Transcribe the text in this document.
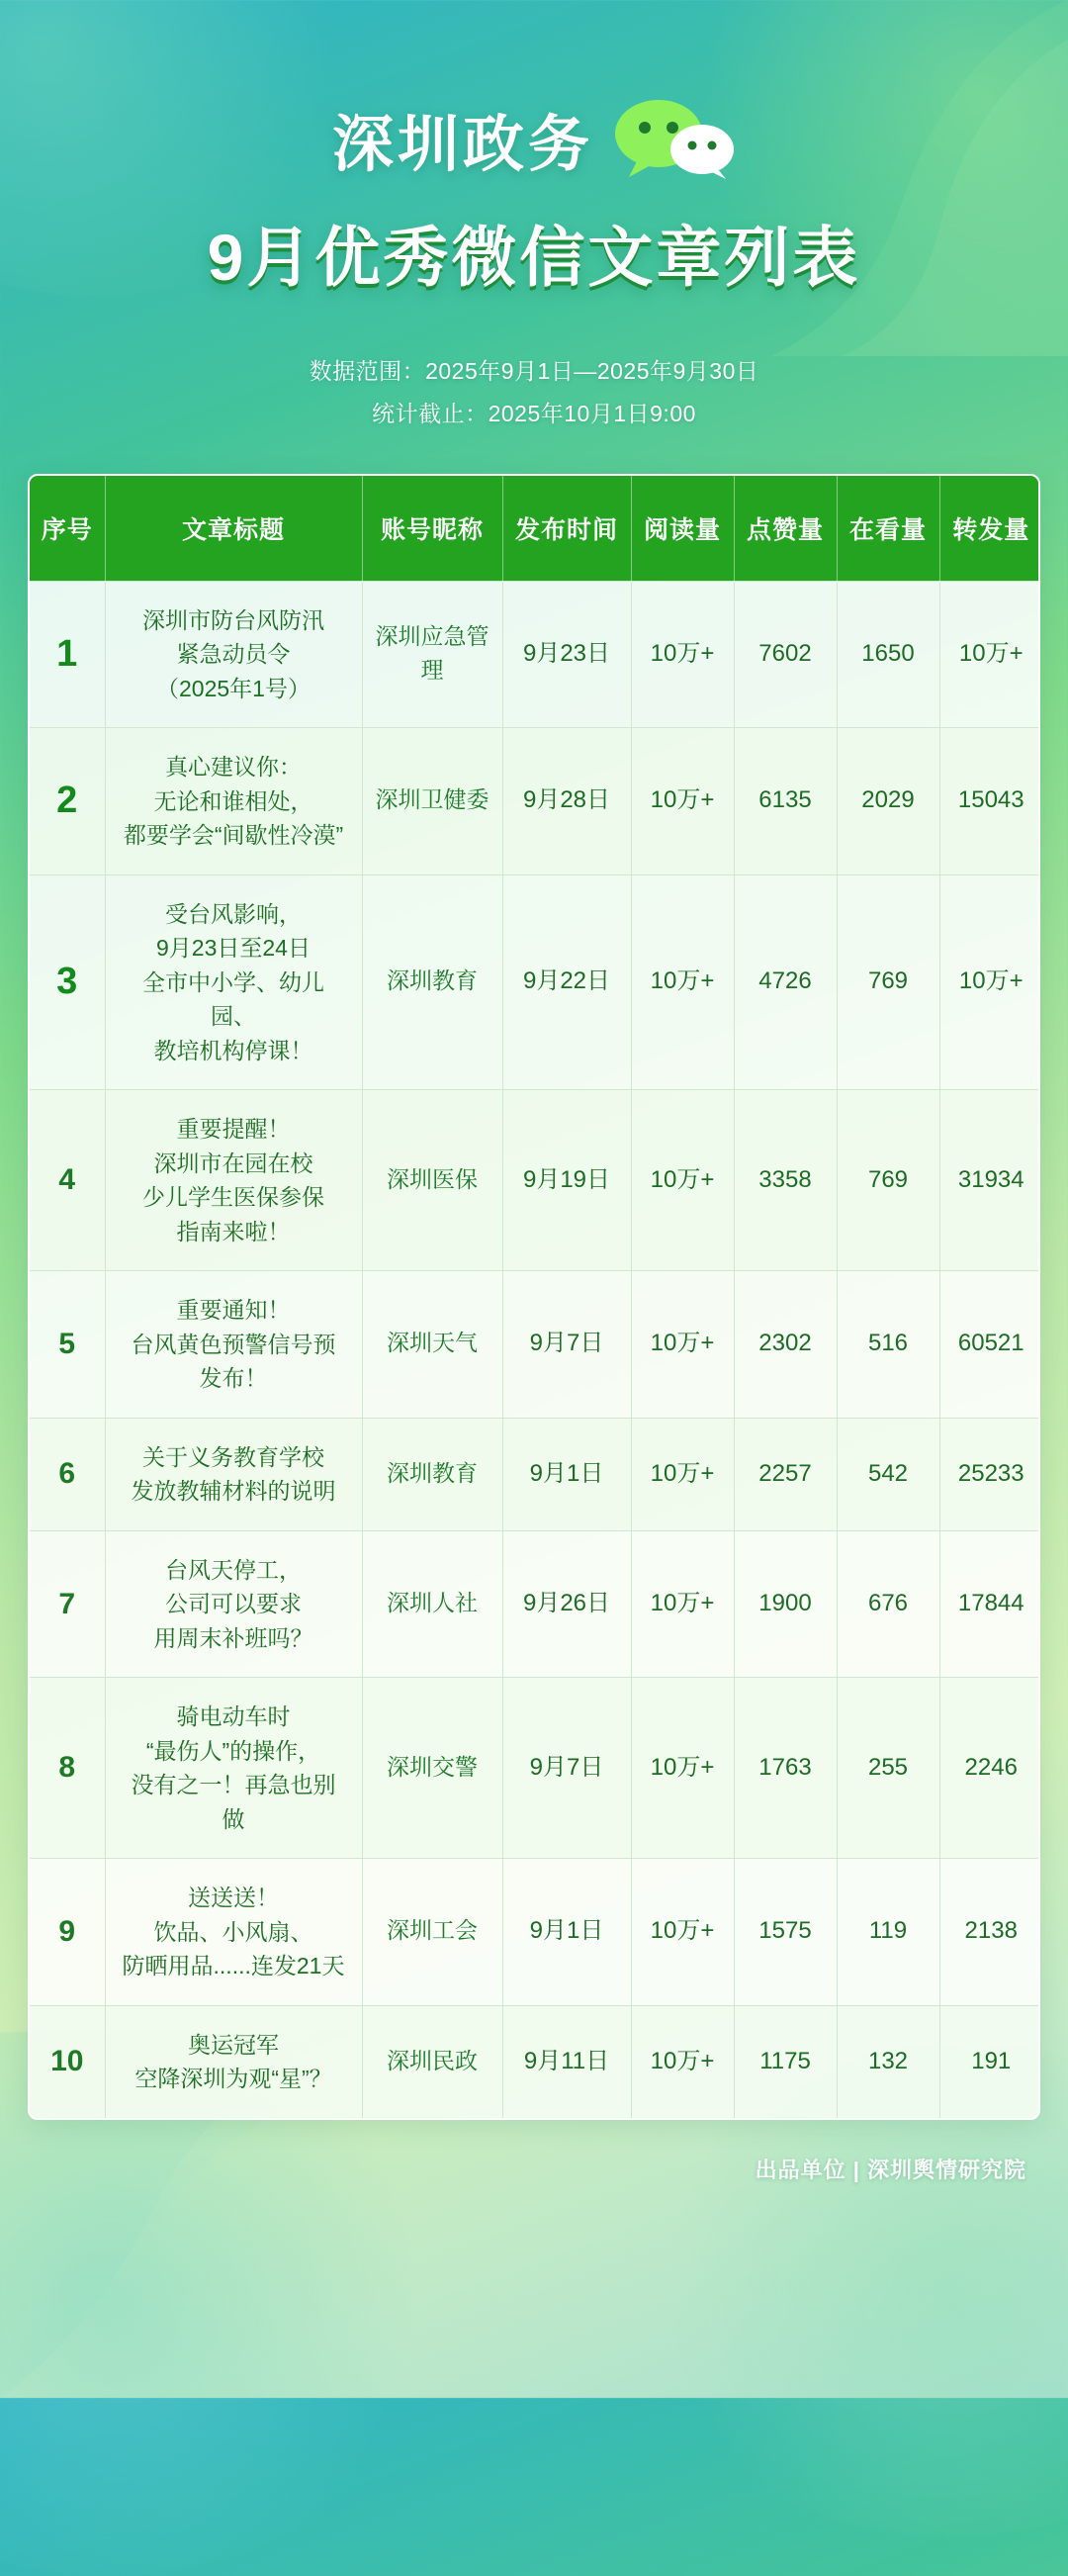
深圳政务
9月优秀微信文章列表
数据范围：2025年9月1日—2025年9月30日
统计截止：2025年10月1日9:00
序号	文章标题	账号昵称	发布时间	阅读量	点赞量	在看量	转发量
1	深圳市防台风防汛
紧急动员令
（2025年1号）	深圳应急管理	9月23日	10万+	7602	1650	10万+
2	真心建议你：
无论和谁相处，
都要学会“间歇性冷漠”	深圳卫健委	9月28日	10万+	6135	2029	15043
3	受台风影响，
9月23日至24日
全市中小学、幼儿园、
教培机构停课！	深圳教育	9月22日	10万+	4726	769	10万+
4	重要提醒！
深圳市在园在校
少儿学生医保参保
指南来啦！	深圳医保	9月19日	10万+	3358	769	31934
5	重要通知！
台风黄色预警信号预发布！	深圳天气	9月7日	10万+	2302	516	60521
6	关于义务教育学校
发放教辅材料的说明	深圳教育	9月1日	10万+	2257	542	25233
7	台风天停工，
公司可以要求
用周末补班吗？	深圳人社	9月26日	10万+	1900	676	17844
8	骑电动车时
“最伤人”的操作，
没有之一！再急也别做	深圳交警	9月7日	10万+	1763	255	2246
9	送送送！
饮品、小风扇、
防晒用品......连发21天	深圳工会	9月1日	10万+	1575	119	2138
10	奥运冠军
空降深圳为观“星”？	深圳民政	9月11日	10万+	1175	132	191
出品单位 | 深圳舆情研究院
